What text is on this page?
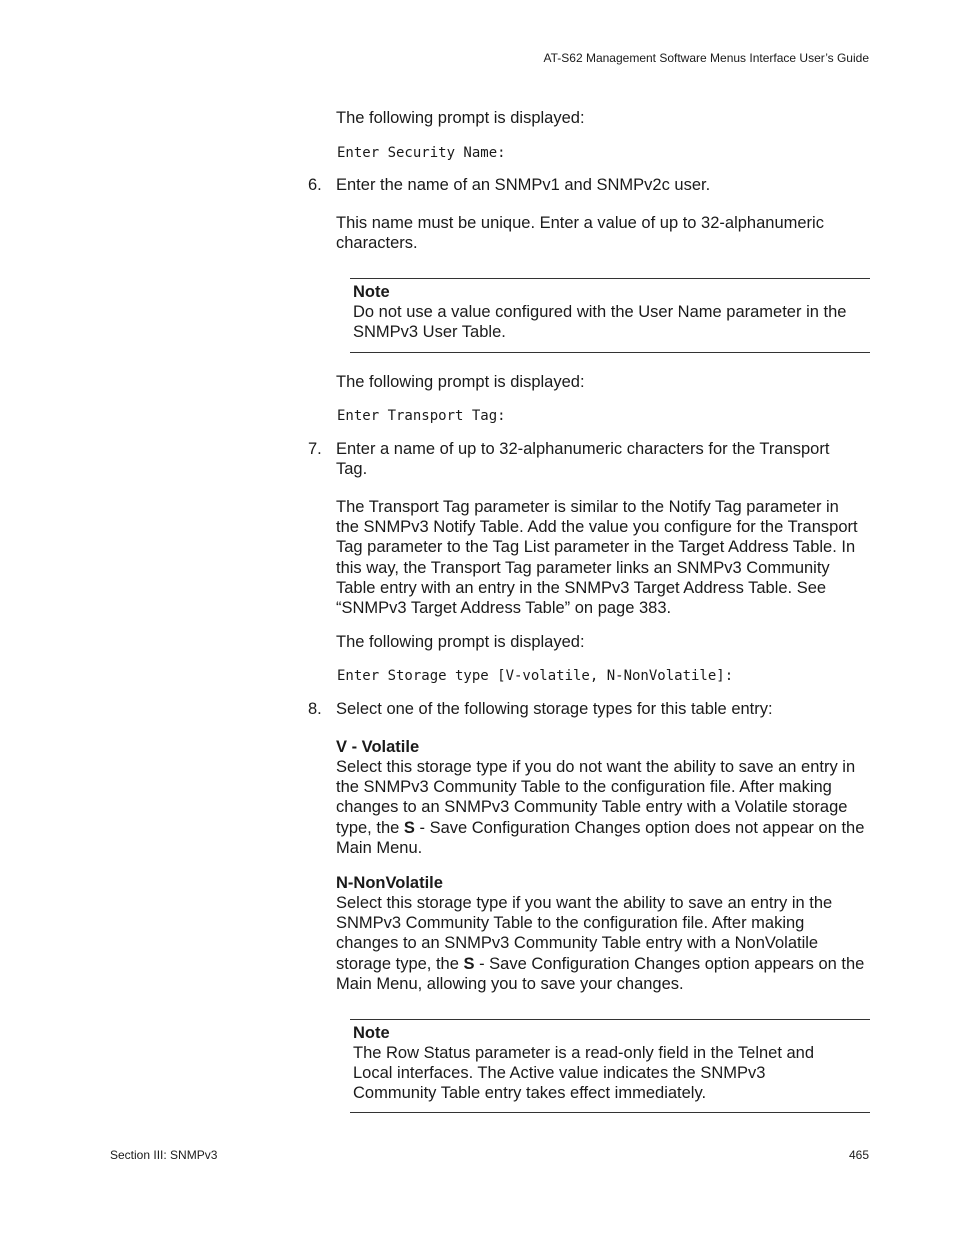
AT-S62 Management Software Menus Interface User’s Guide
The following prompt is displayed:
Enter Security Name:
6. Enter the name of an SNMPv1 and SNMPv2c user.
This name must be unique. Enter a value of up to 32-alphanumeric characters.
Note
Do not use a value configured with the User Name parameter in the SNMPv3 User Table.
The following prompt is displayed:
Enter Transport Tag:
7. Enter a name of up to 32-alphanumeric characters for the Transport Tag.
The Transport Tag parameter is similar to the Notify Tag parameter in the SNMPv3 Notify Table. Add the value you configure for the Transport Tag parameter to the Tag List parameter in the Target Address Table. In this way, the Transport Tag parameter links an SNMPv3 Community Table entry with an entry in the SNMPv3 Target Address Table. See “SNMPv3 Target Address Table” on page 383.
The following prompt is displayed:
Enter Storage type [V-volatile, N-NonVolatile]:
8. Select one of the following storage types for this table entry:
V - Volatile
Select this storage type if you do not want the ability to save an entry in the SNMPv3 Community Table to the configuration file. After making changes to an SNMPv3 Community Table entry with a Volatile storage type, the S - Save Configuration Changes option does not appear on the Main Menu.
N-NonVolatile
Select this storage type if you want the ability to save an entry in the SNMPv3 Community Table to the configuration file. After making changes to an SNMPv3 Community Table entry with a NonVolatile storage type, the S - Save Configuration Changes option appears on the Main Menu, allowing you to save your changes.
Note
The Row Status parameter is a read-only field in the Telnet and Local interfaces. The Active value indicates the SNMPv3 Community Table entry takes effect immediately.
Section III: SNMPv3	465
